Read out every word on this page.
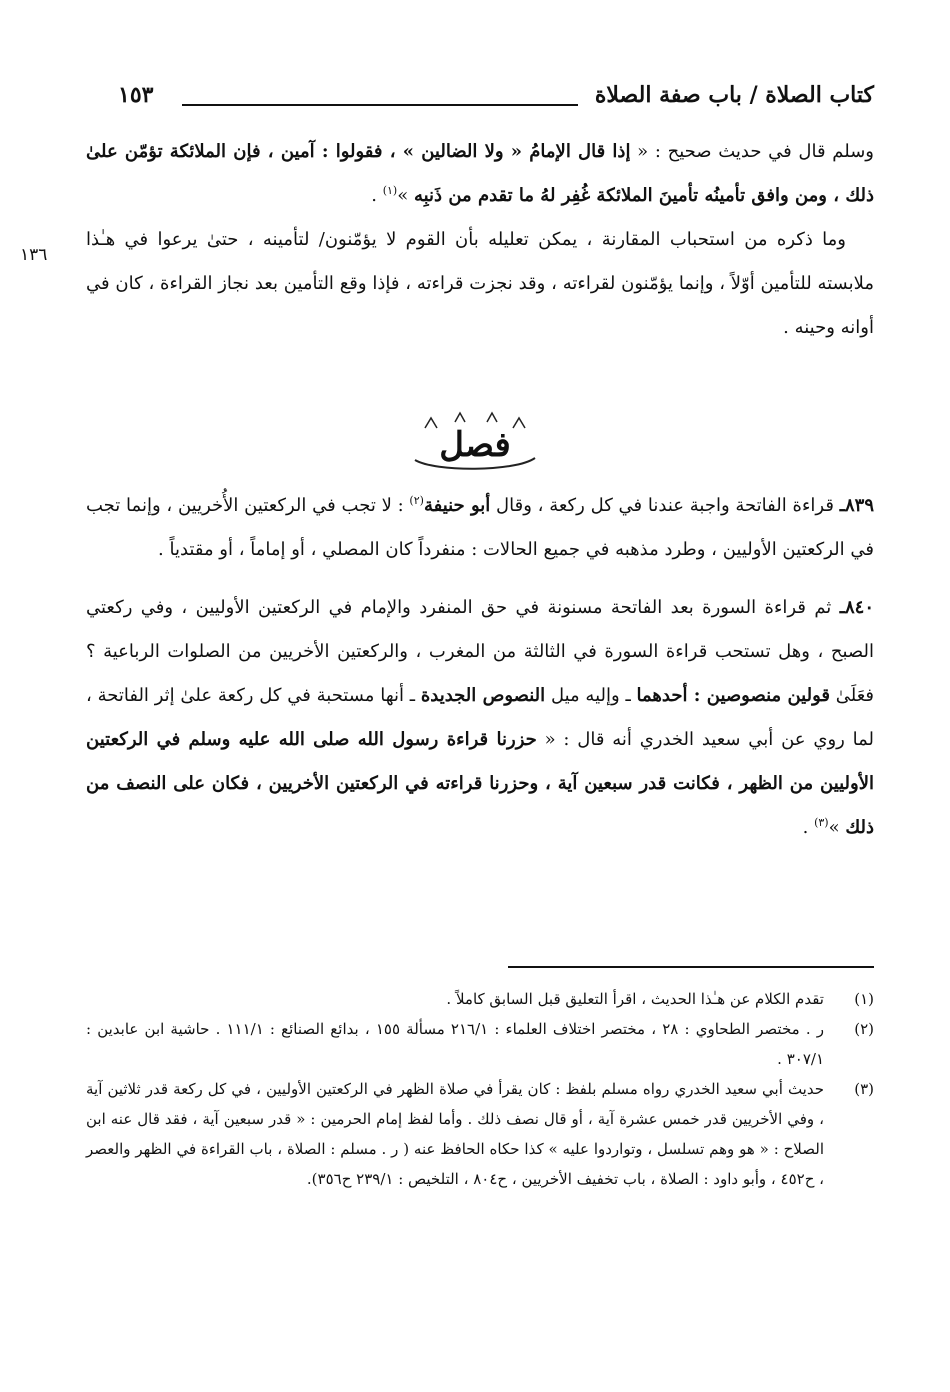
كتاب الصلاة / باب صفة الصلاة
١٥٣
١٣٦

وسلم قال في حديث صحيح : « إذا قال الإمامُ « ولا الضالين » ، فقولوا : آمين ، فإن الملائكة تؤمّن علىٰ ذلك ، ومن وافق تأمينُه تأمينَ الملائكة غُفِر لهُ ما تقدم من ذَنبِه »$^{(١)}$ .

وما ذكره من استحباب المقارنة ، يمكن تعليله بأن القوم لا يؤمّنون/ لتأمينه ، حتىٰ يرعوا في هـٰذا ملابسته للتأمين أوّلاً ، وإنما يؤمّنون لقراءته ، وقد نجزت قراءته ، فإذا وقع التأمين بعد نجاز القراءة ، كان في أوانه وحينه .

فصل

٨٣٩ـ قراءة الفاتحة واجبة عندنا في كل ركعة ، وقال أبو حنيفة$^{(٢)}$ : لا تجب في الركعتين الأُخريين ، وإنما تجب في الركعتين الأوليين ، وطرد مذهبه في جميع الحالات : منفرداً كان المصلي ، أو إماماً ، أو مقتدياً .

٨٤٠ـ ثم قراءة السورة بعد الفاتحة مسنونة في حق المنفرد والإمام في الركعتين الأوليين ، وفي ركعتي الصبح ، وهل تستحب قراءة السورة في الثالثة من المغرب ، والركعتين الأخريين من الصلوات الرباعية ؟ فعَلَىٰ قولين منصوصين : أحدهما ـ وإليه ميل النصوص الجديدة ـ أنها مستحبة في كل ركعة علىٰ إثر الفاتحة ، لما روي عن أبي سعيد الخدري أنه قال : « حزرنا قراءة رسول الله صلى الله عليه وسلم في الركعتين الأوليين من الظهر ، فكانت قدر سبعين آية ، وحزرنا قراءته في الركعتين الأخريين ، فكان على النصف من ذلك »$^{(٣)}$ .

(١)
تقدم الكلام عن هـٰذا الحديث ، اقرأ التعليق قبل السابق كاملاً .
(٢)
ر . مختصر الطحاوي : ٢٨ ، مختصر اختلاف العلماء : ٢١٦/١ مسألة ١٥٥ ، بدائع الصنائع : ١١١/١ . حاشية ابن عابدين : ٣٠٧/١ .
(٣)
حديث أبي سعيد الخدري رواه مسلم بلفظ : كان يقرأ في صلاة الظهر في الركعتين الأوليين ، في كل ركعة قدر ثلاثين آية ، وفي الأخريين قدر خمس عشرة آية ، أو قال نصف ذلك . وأما لفظ إمام الحرمين : « قدر سبعين آية ، فقد قال عنه ابن الصلاح : « هو وهم تسلسل ، وتواردوا عليه » كذا حكاه الحافظ عنه ( ر . مسلم : الصلاة ، باب القراءة في الظهر والعصر ، ح٤٥٢ ، وأبو داود : الصلاة ، باب تخفيف الأخريين ، ح٨٠٤ ، التلخيص : ٢٣٩/١ ح٣٥٦).
